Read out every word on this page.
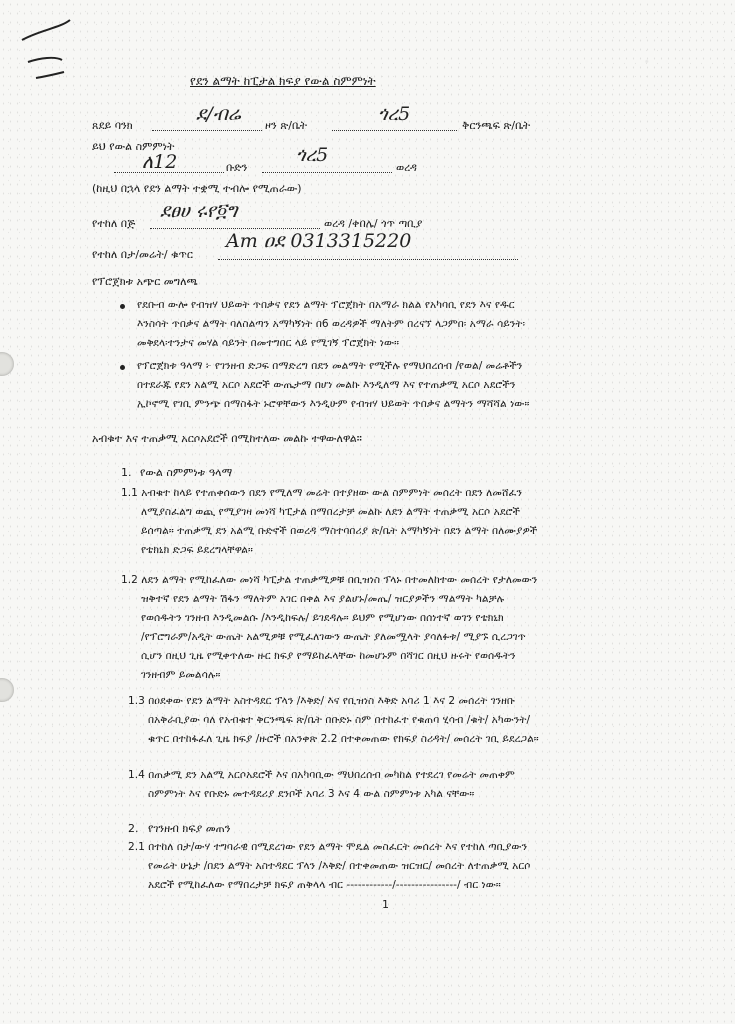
የደን ልማት ከፒታል ክፍያ የውል ስምምነት
ጸደይ ባንክ
ደ/ብሬ
ዞን ጽ/ቤት
ጎረ5
ቅርንጫፍ ጽ/ቤት
ይህ የውል ስምምነት
ለ12	ቡድን
ጎረ5
ወረዳ
(ከዚህ በኋላ የደን ልማት ተቋሚ ተብሎ የሚጠራው)
የተከለ በጅ
ደፀሀ ሩየ፬ግ
ወረዳ /ቀበሌ/ ጎጥ ጣቢያ
የተከለ በታ/መሬት/ ቁጥር
Am ዐደ 0313315220
የፕሮጀክቱ አጭር መግለጫ
የደቡብ ውሎ የብዝሃ ህይወት ጥበቃና የደን ልማት ፕሮጀክት በአማራ ክልል የአካባቢ የደን እና የዱር
እንስሳት ጥበቃና ልማት ባለስልጣን አማካኝነት በ6 ወረዳዎች ማለትም በረናኘ ላጋምበ፡ አማራ ሳይንት፡
መቅደላ፡ተንታና መሃል ሳይንት በመተግበር ላይ የሚገኝ ፕሮጀክት ነው።
የፕሮጀክቱ ዓላማ ፦ የገንዘብ ድጋፍ በማድረግ በደን መልማት የሚችሉ የማህበረሰብ /የወል/ መሬቶችን
በተደራጁ የደን አልሚ አርሶ አደሮች ውጤታማ በሆነ መልኩ እንዲለማ እና የተጠቃሚ አርሶ አደሮችን
ኢኮኖሚ የገቢ ምንጭ በማስፋት ኑሮዋቸውን እንዲሁም የብዝሃ ህይወት ጥበቃና ልማትን ማሻሻል ነው።
አብቁተ እና ተጠቃሚ አርሶአደሮች በሚከተለው መልኩ ተዋውለዋል።
1. የውል ስምምነቱ ዓላማ
1.1 አብቁተ ከላይ የተጠቀሰውን በደን የሚለማ መሬት በተያዘው ውል ስምምነት መሰረት በደን ለመሸፈን
ለሚያስፈልግ ወጪ የሚያገዛ መነሻ ካፒታል በማበረታቻ መልኩ ለደን ልማት ተጠቃሚ አርሶ አደሮች
ይሰጣል። ተጠቃሚ ደን አልሚ ቡድኖች በወረዳ ማስተባበሪያ ጽ/ቤት አማካኝነት በደን ልማት በለሙያዎች
የቴክኒክ ድጋፍ ይደረግላቸዋል።
1.2 ለደን ልማት የሚከፈለው መነሻ ካፒታል ተጠቃሚዎቹ በቢዝነስ ፕላኑ በተመለከተው መሰረት የታለመውን
ዝቅተኛ የደን ልማት ሽፋን ማለትም አገር በቀል እና ያልሆኑ/መጤ/ ዝርያዎችን ማልማት ካልቻሉ
የወሰዱትን ገንዘብ እንዲመልሱ /እንዲከፍሉ/ ይገደዳሉ። ይህም የሚሆነው በሰነተኛ ወገን የቴክኒክ
/የፕሮግራም/አዲት ውጤት አልሚዎቹ የሚፈለገውን ውጤት ያለመሟላት ያሳለፉቱ/ ሚያኙ ሲረጋገጥ
ሲሆን በዚህ ጊዜ የሚቀጥለው ዙር ክፍያ የማይከፈላቸው ከመሆኑም በሻገር በዚህ ዙሩት የወሰዱትን
ገንዘብም ይመልሳሉ።
1.3 በዐደቀው የደን ልማት አስተዳደር ፕላን /እቅድ/ እና የቢዝነስ እቅድ አባሪ 1 እና 2 መሰረት ገንዘቡ
በአቅራቢያው ባለ የአብቁተ ቅርንጫፍ ጽ/ቤት በቡድኑ ስም በተከፈተ የቁጠባ ሂሳብ /ቁት/ አካውንት/
ቁጥር በተከፋፈለ ጊዜ ክፍያ /ዙሮች በአንቀጽ 2.2 በተቀመጠው የክፍያ ስሪዳት/ መሰረት ገቢ ይደረጋል።
1.4 በጠቃሚ ደን አልሚ አርሶአደሮች እና በአካባቢው ማህበረሰብ መካከል የተደረገ የመሬት መጠቀም
ስምምነት እና የቡድኑ መተዳደሪያ ደንቦች አባሪ 3 እና 4 ውል ስምምነቱ አካል ናቸው።
2. የገንዘብ ክፍያ መጠን
2.1 በተከለ በታ/ውሃ ተግባራዊ በሚደረገው የደን ልማት ሞዴል መስፈርት መሰረት እና የተከለ ጣቢያውን
የመሬት ሁኔታ /በደን ልማት አስተዳደር ፕላን /እቅድ/ በተቀመጠው ዝርዝር/ መሰረት ለተጠቃሚ አርሶ
አደሮች የሚከፈለው የማበረታቻ ክፍያ ጠቅላላ ብር ------------/----------------/ ብር ነው።
1
